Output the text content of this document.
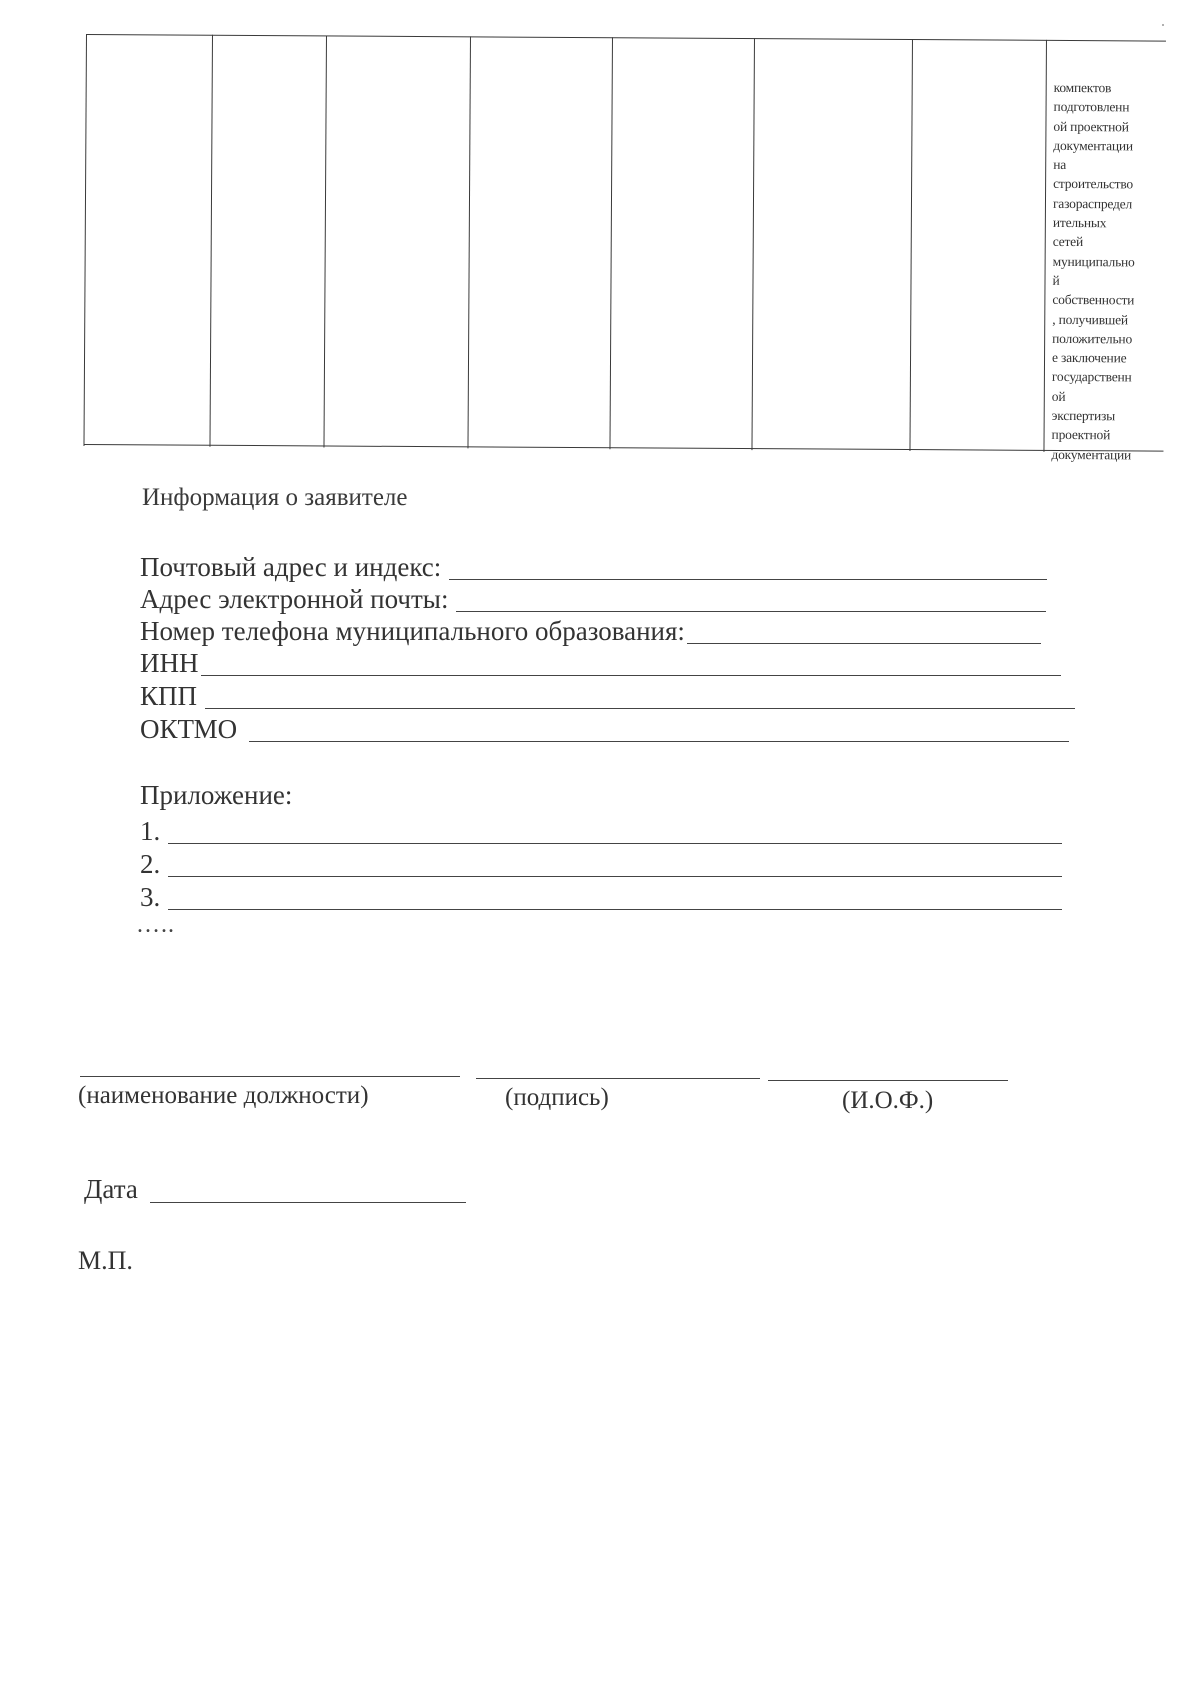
компектов
подготовленн
ой проектной
документации
на
строительство
газораспредел
ительных
сетей
муниципально
й
собственности
, получившей
положительно
е заключение
государственн
ой
экспертизы
проектной
документации
Информация о заявителе
Почтовый адрес и индекс:
Адрес электронной почты:
Номер телефона муниципального образования:
ИНН
КПП
ОКТМО
Приложение:
1.
2.
3.
…..
(наименование должности)	(подпись)	(И.О.Ф.)
Дата
М.П.
